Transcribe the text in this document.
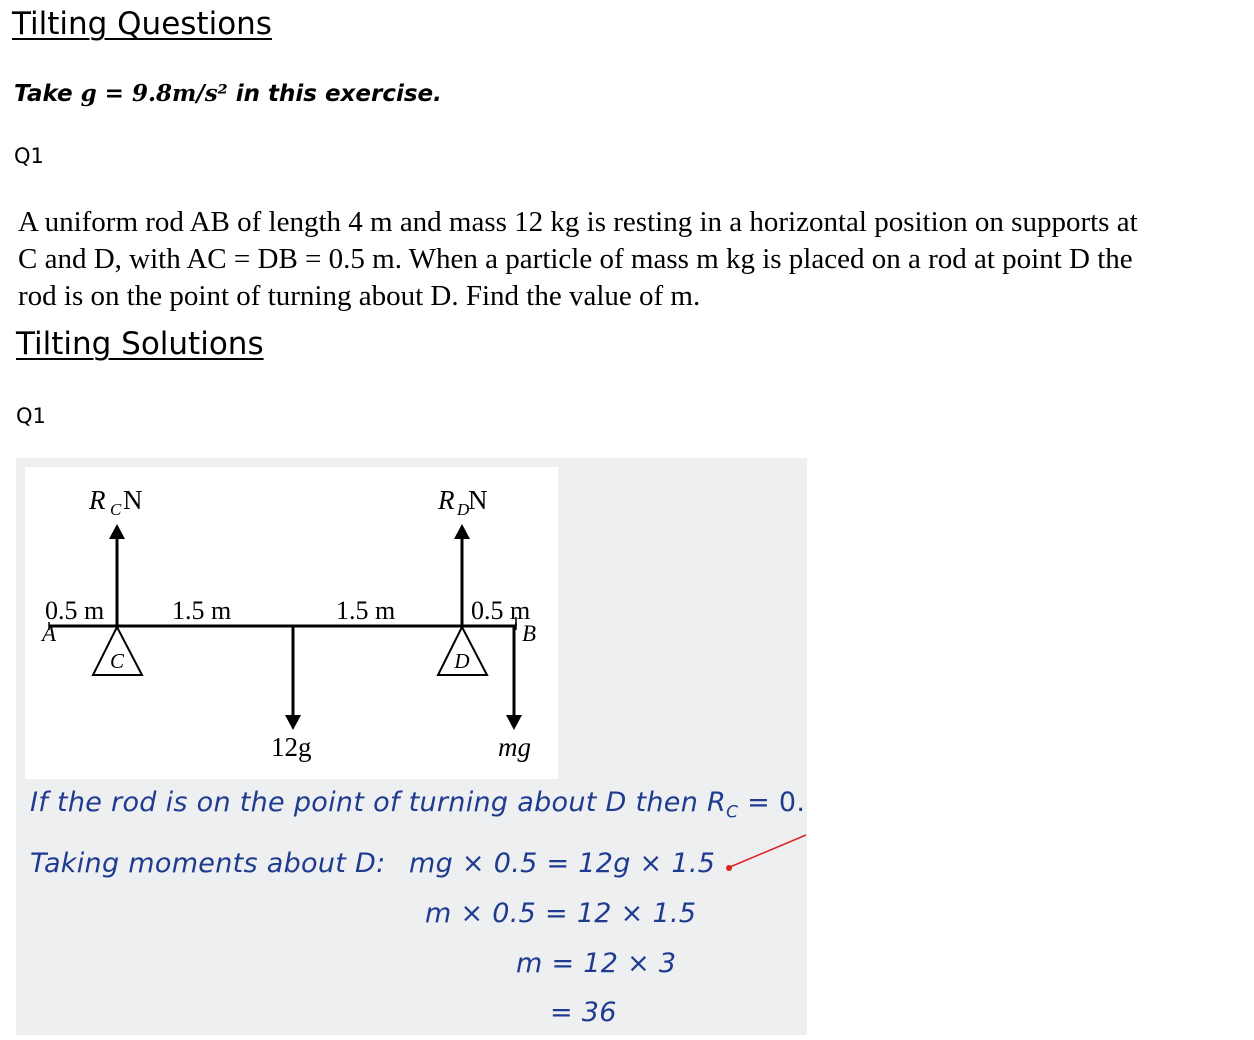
Tilting Questions
Take g = 9.8m/s² in this exercise.
Q1
A uniform rod AB of length 4 m and mass 12 kg is resting in a horizontal position on supports at
C and D, with AC = DB = 0.5 m. When a particle of mass m kg is placed on a rod at point D the
rod is on the point of turning about D. Find the value of m.
Tilting Solutions
Q1
C	D
R C N	R D
N
0.5 m	1.5 m	1.5 m	0.5 m
A	B
12g	mg
If the rod is on the point of turning about D then $R_C = 0$.
Taking moments about D: mg × 0.5 = 12g × 1.5
m × 0.5 = 12 × 1.5
m = 12 × 3
= 36
